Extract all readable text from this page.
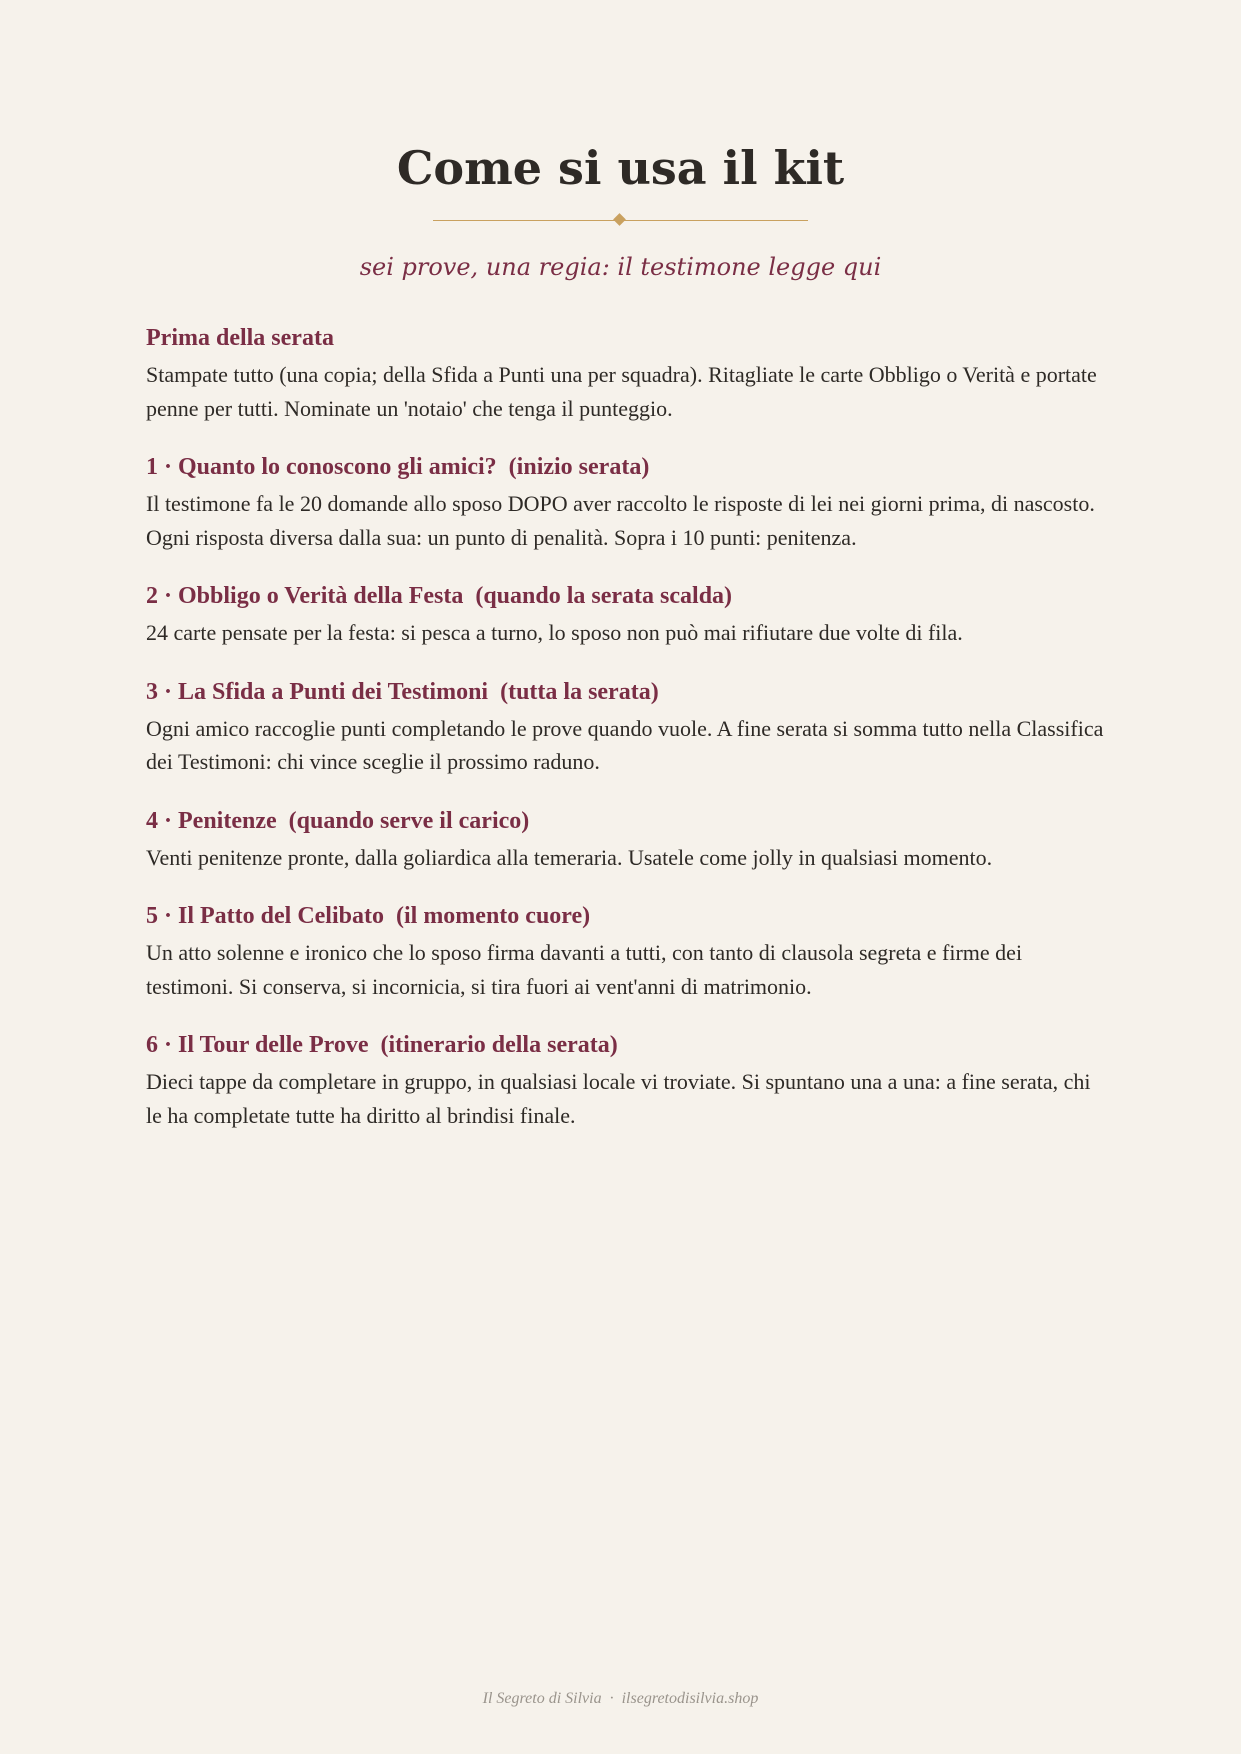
Come si usa il kit

sei prove, una regia: il testimone legge qui

Prima della serata

Stampate tutto (una copia; della Sfida a Punti una per squadra). Ritagliate le carte Obbligo o Verità e portate penne per tutti. Nominate un 'notaio' che tenga il punteggio.

1 · Quanto lo conoscono gli amici?  (inizio serata)

Il testimone fa le 20 domande allo sposo DOPO aver raccolto le risposte di lei nei giorni prima, di nascosto. Ogni risposta diversa dalla sua: un punto di penalità. Sopra i 10 punti: penitenza.

2 · Obbligo o Verità della Festa  (quando la serata scalda)

24 carte pensate per la festa: si pesca a turno, lo sposo non può mai rifiutare due volte di fila.

3 · La Sfida a Punti dei Testimoni  (tutta la serata)

Ogni amico raccoglie punti completando le prove quando vuole. A fine serata si somma tutto nella Classifica dei Testimoni: chi vince sceglie il prossimo raduno.

4 · Penitenze  (quando serve il carico)

Venti penitenze pronte, dalla goliardica alla temeraria. Usatele come jolly in qualsiasi momento.

5 · Il Patto del Celibato  (il momento cuore)

Un atto solenne e ironico che lo sposo firma davanti a tutti, con tanto di clausola segreta e firme dei testimoni. Si conserva, si incornicia, si tira fuori ai vent'anni di matrimonio.

6 · Il Tour delle Prove  (itinerario della serata)

Dieci tappe da completare in gruppo, in qualsiasi locale vi troviate. Si spuntano una a una: a fine serata, chi le ha completate tutte ha diritto al brindisi finale.

Il Segreto di Silvia  ·  ilsegretodisilvia.shop
